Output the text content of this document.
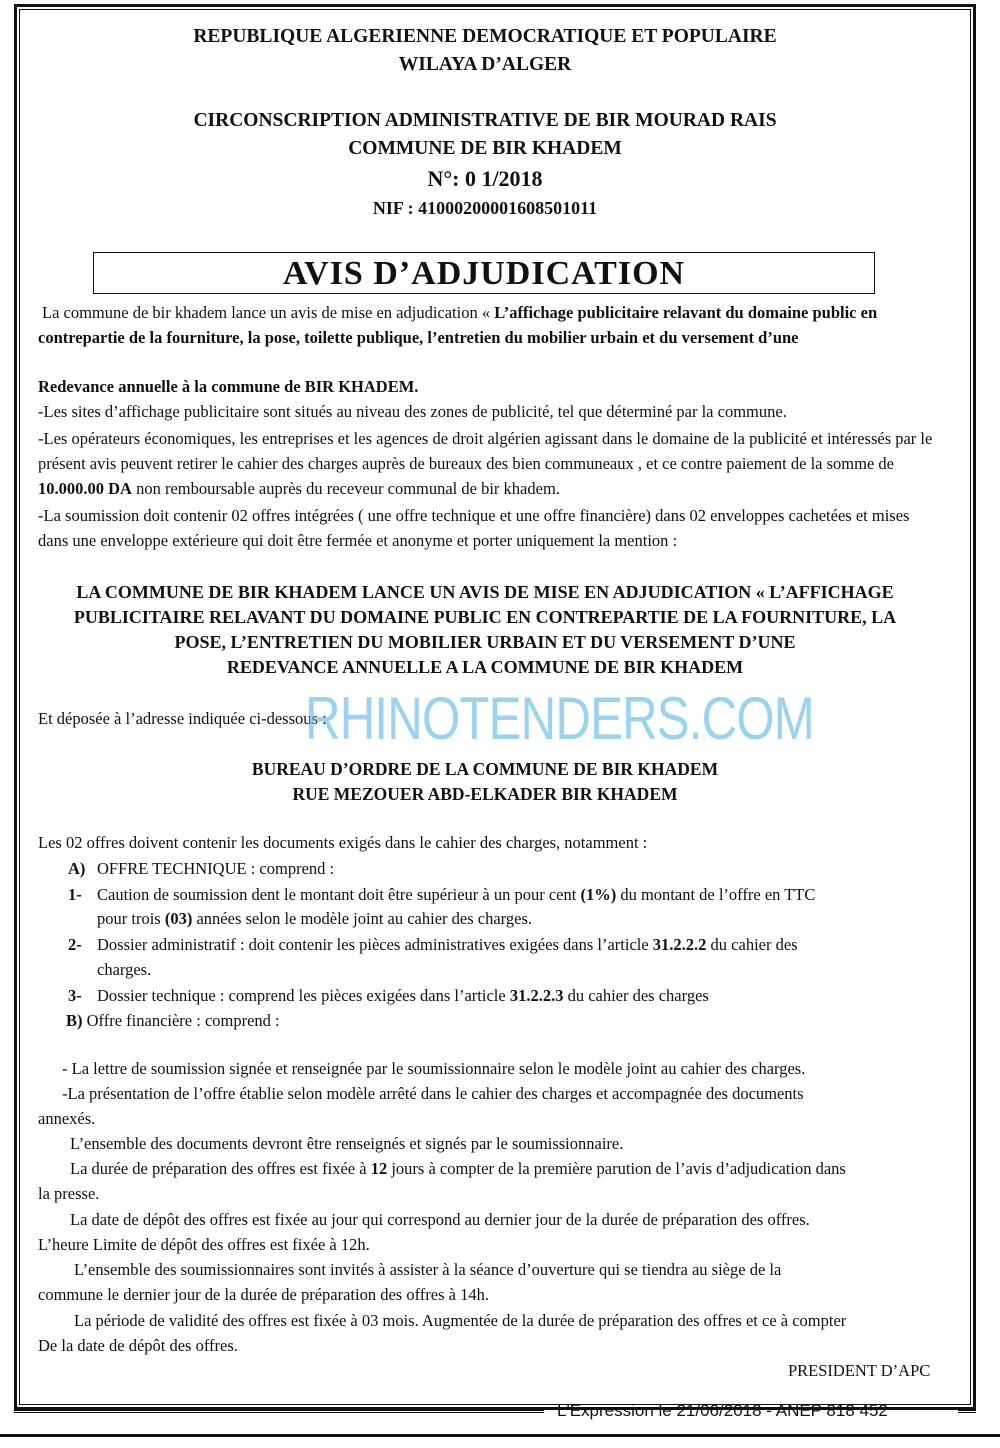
REPUBLIQUE ALGERIENNE DEMOCRATIQUE ET POPULAIRE
WILAYA D’ALGER
CIRCONSCRIPTION ADMINISTRATIVE DE BIR MOURAD RAIS
COMMUNE DE BIR KHADEM
N°: 0 1/2018
NIF : 41000200001608501011
AVIS D’ADJUDICATION
La commune de bir khadem lance un avis de mise en adjudication « L’affichage publicitaire relavant du domaine public en contrepartie de la fourniture, la pose, toilette publique, l’entretien du mobilier urbain et du versement d’une
Redevance annuelle à la commune de BIR KHADEM.
-Les sites d’affichage publicitaire sont situés au niveau des zones de publicité, tel que déterminé par la commune.
-Les opérateurs économiques, les entreprises et les agences de droit algérien agissant dans le domaine de la publicité et intéressés par le présent avis peuvent retirer le cahier des charges auprès de bureaux des bien communeaux , et ce contre paiement de la somme de 10.000.00 DA non remboursable auprès du receveur communal de bir khadem.
-La soumission doit contenir 02 offres intégrées ( une offre technique et une offre financière) dans 02 enveloppes cachetées et mises dans une enveloppe extérieure qui doit être fermée et anonyme et porter uniquement la mention :
LA COMMUNE DE BIR KHADEM LANCE UN AVIS DE MISE EN ADJUDICATION « L’AFFICHAGE
PUBLICITAIRE RELAVANT DU DOMAINE PUBLIC EN CONTREPARTIE DE LA FOURNITURE, LA
POSE, L’ENTRETIEN DU MOBILIER URBAIN ET DU VERSEMENT D’UNE
REDEVANCE ANNUELLE A LA COMMUNE DE BIR KHADEM
Et déposée à l’adresse indiquée ci-dessous :
RHINOTENDERS.COM
BUREAU D’ORDRE DE LA COMMUNE DE BIR KHADEM
RUE MEZOUER ABD-ELKADER BIR KHADEM
Les 02 offres doivent contenir les documents exigés dans le cahier des charges, notamment :
A) OFFRE TECHNIQUE : comprend :
1- Caution de soumission dent le montant doit être supérieur à un pour cent (1%) du montant de l’offre en TTC
pour trois (03) années selon le modèle joint au cahier des charges.
2- Dossier administratif : doit contenir les pièces administratives exigées dans l’article 31.2.2.2 du cahier des
charges.
3- Dossier technique : comprend les pièces exigées dans l’article 31.2.2.3 du cahier des charges
B) Offre financière : comprend :
- La lettre de soumission signée et renseignée par le soumissionnaire selon le modèle joint au cahier des charges.
-La présentation de l’offre établie selon modèle arrêté dans le cahier des charges et accompagnée des documents
annexés.
L’ensemble des documents devront être renseignés et signés par le soumissionnaire.
La durée de préparation des offres est fixée à 12 jours à compter de la première parution de l’avis d’adjudication dans
la presse.
La date de dépôt des offres est fixée au jour qui correspond au dernier jour de la durée de préparation des offres.
L’heure Limite de dépôt des offres est fixée à 12h.
L’ensemble des soumissionnaires sont invités à assister à la séance d’ouverture qui se tiendra au siège de la
commune le dernier jour de la durée de préparation des offres à 14h.
La période de validité des offres est fixée à 03 mois. Augmentée de la durée de préparation des offres et ce à compter
De la date de dépôt des offres.
PRESIDENT D’APC
L'Expression le 21/06/2018 - ANEP 818 452
